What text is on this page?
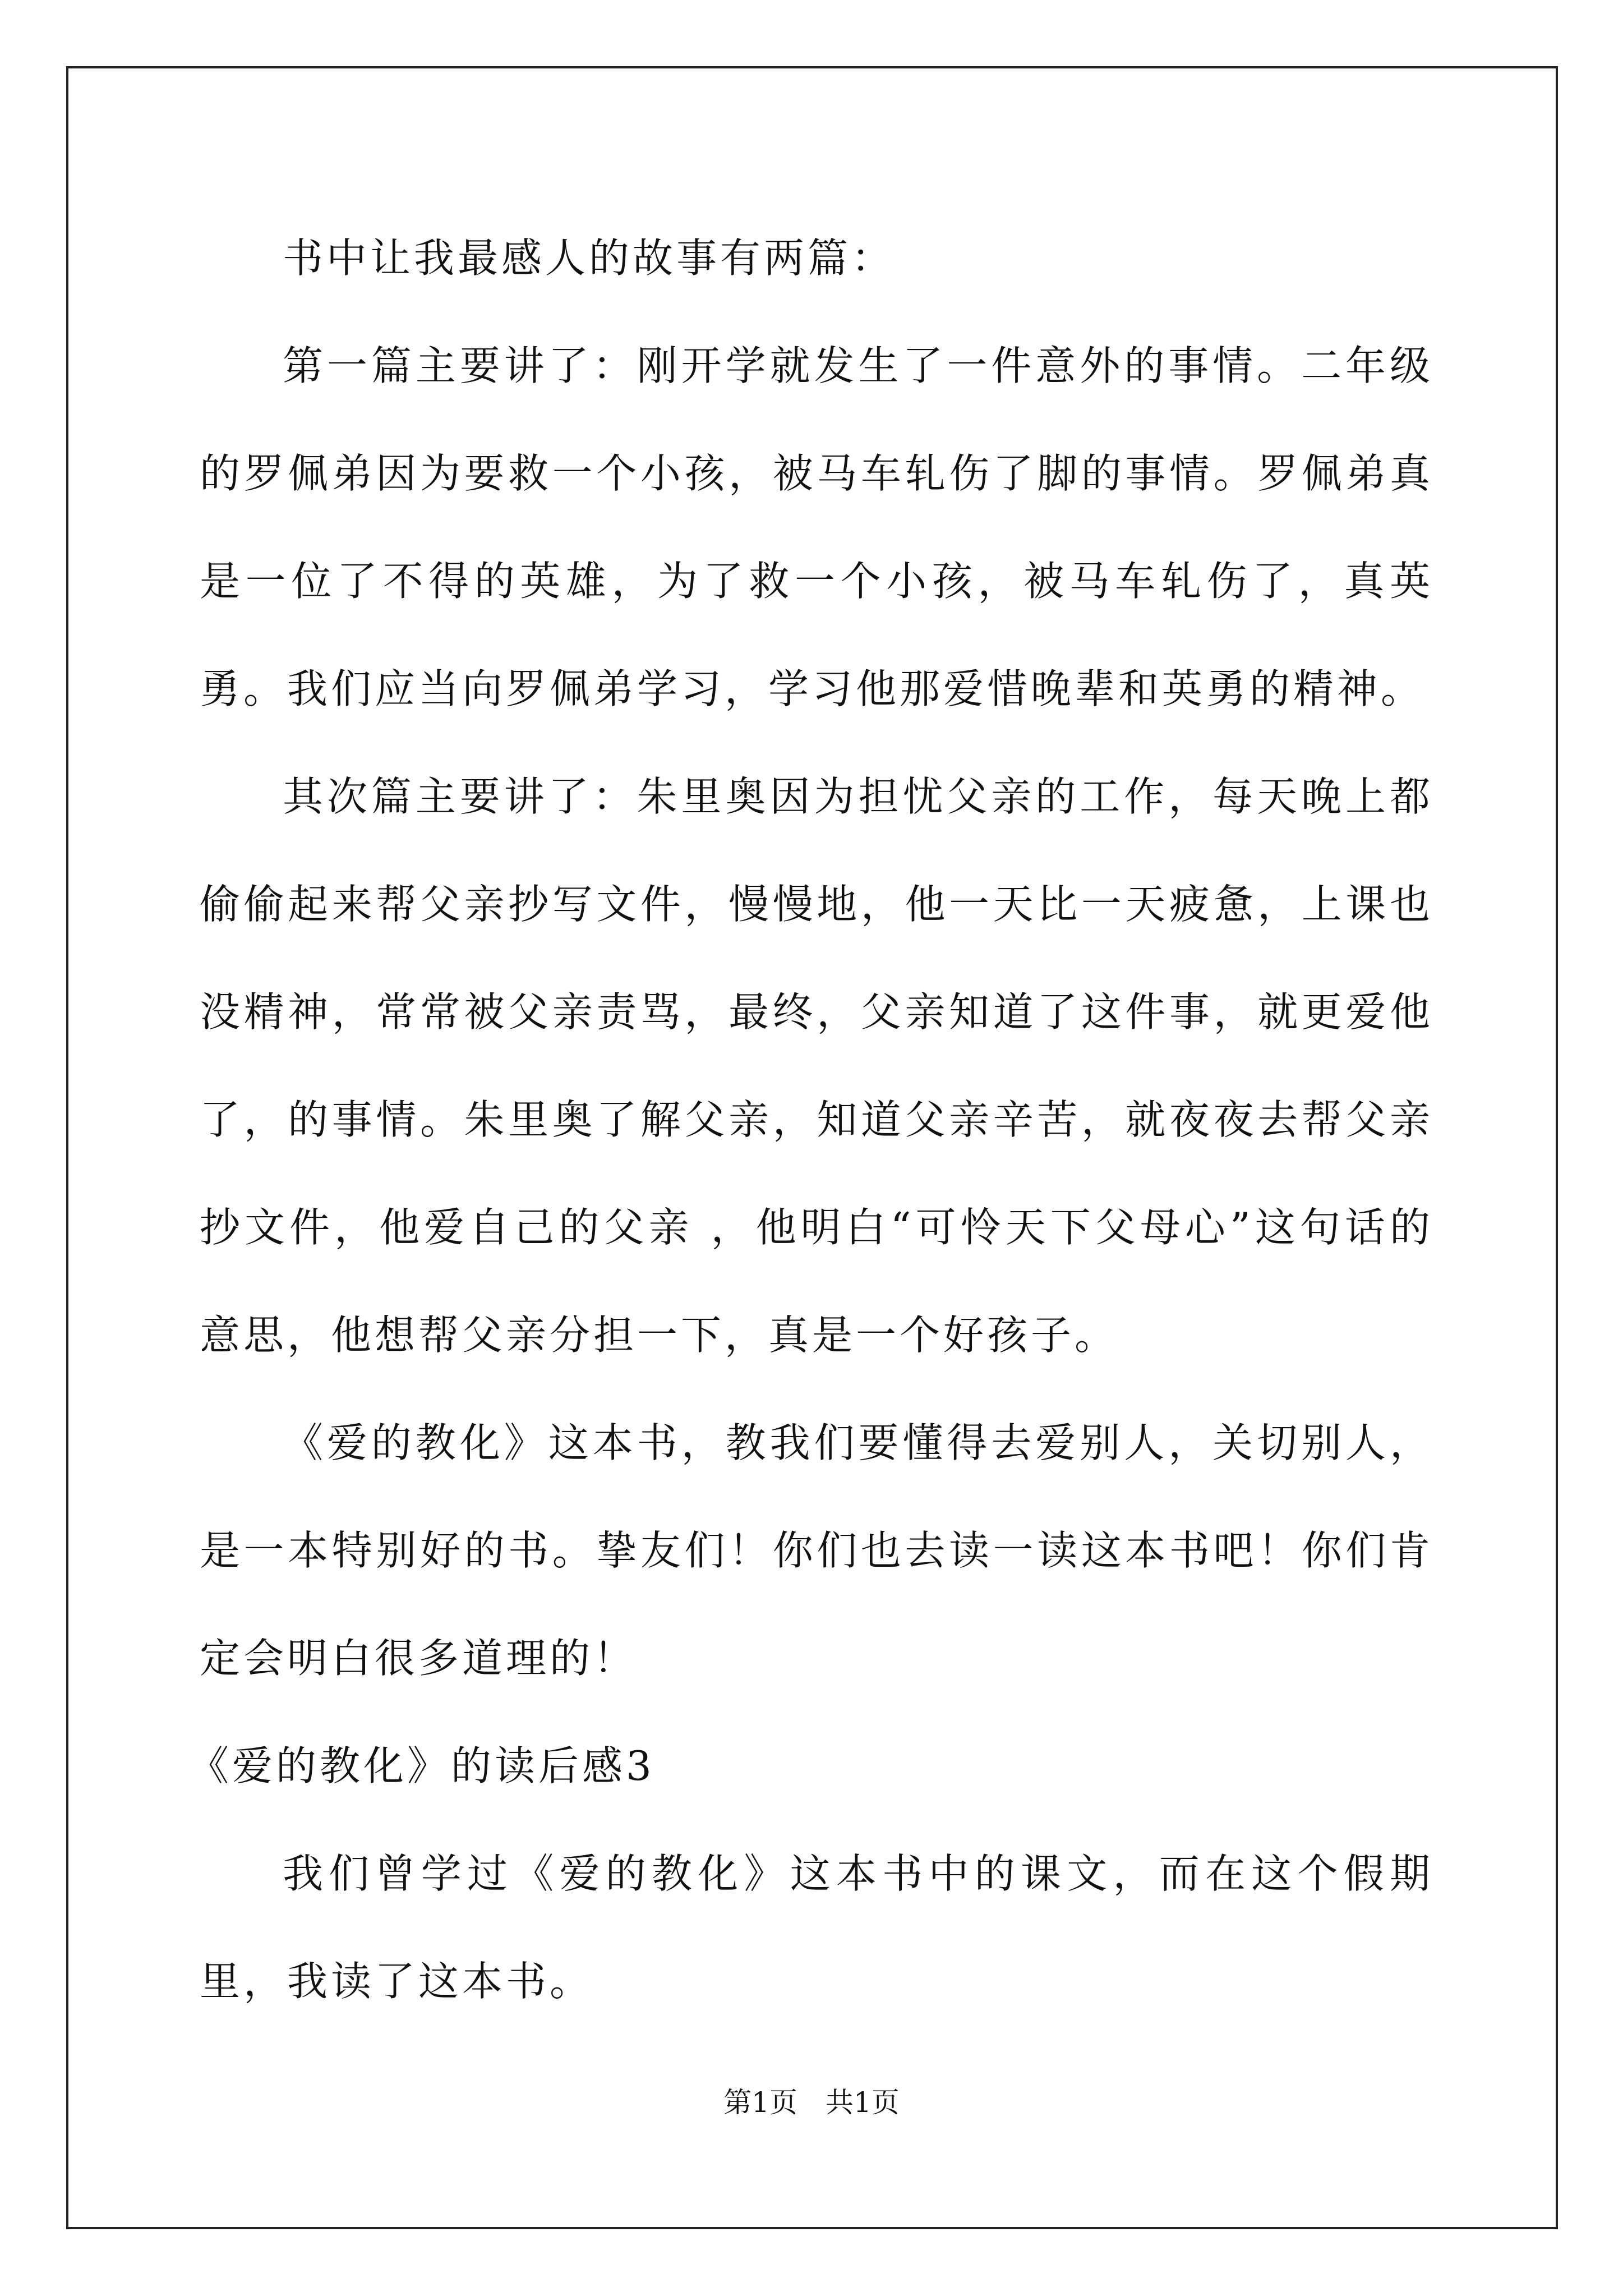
书中让我最感人的故事有两篇：

第一篇主要讲了：刚开学就发生了一件意外的事情。二年级的罗佩弟因为要救一个小孩，被马车轧伤了脚的事情。罗佩弟真是一位了不得的英雄，为了救一个小孩，被马车轧伤了，真英勇。我们应当向罗佩弟学习，学习他那爱惜晚辈和英勇的精神。

其次篇主要讲了：朱里奥因为担忧父亲的工作，每天晚上都偷偷起来帮父亲抄写文件，慢慢地，他一天比一天疲惫，上课也没精神，常常被父亲责骂，最终，父亲知道了这件事，就更爱他了，的事情。朱里奥了解父亲，知道父亲辛苦，就夜夜去帮父亲抄文件，他爱自己的父亲 ，他明白“可怜天下父母心”这句话的意思，他想帮父亲分担一下，真是一个好孩子。

《爱的教化》这本书，教我们要懂得去爱别人，关切别人，是一本特别好的书。挚友们！你们也去读一读这本书吧！你们肯定会明白很多道理的！

《爱的教化》的读后感3

我们曾学过《爱的教化》这本书中的课文，而在这个假期里，我读了这本书。

第1页 共1页
